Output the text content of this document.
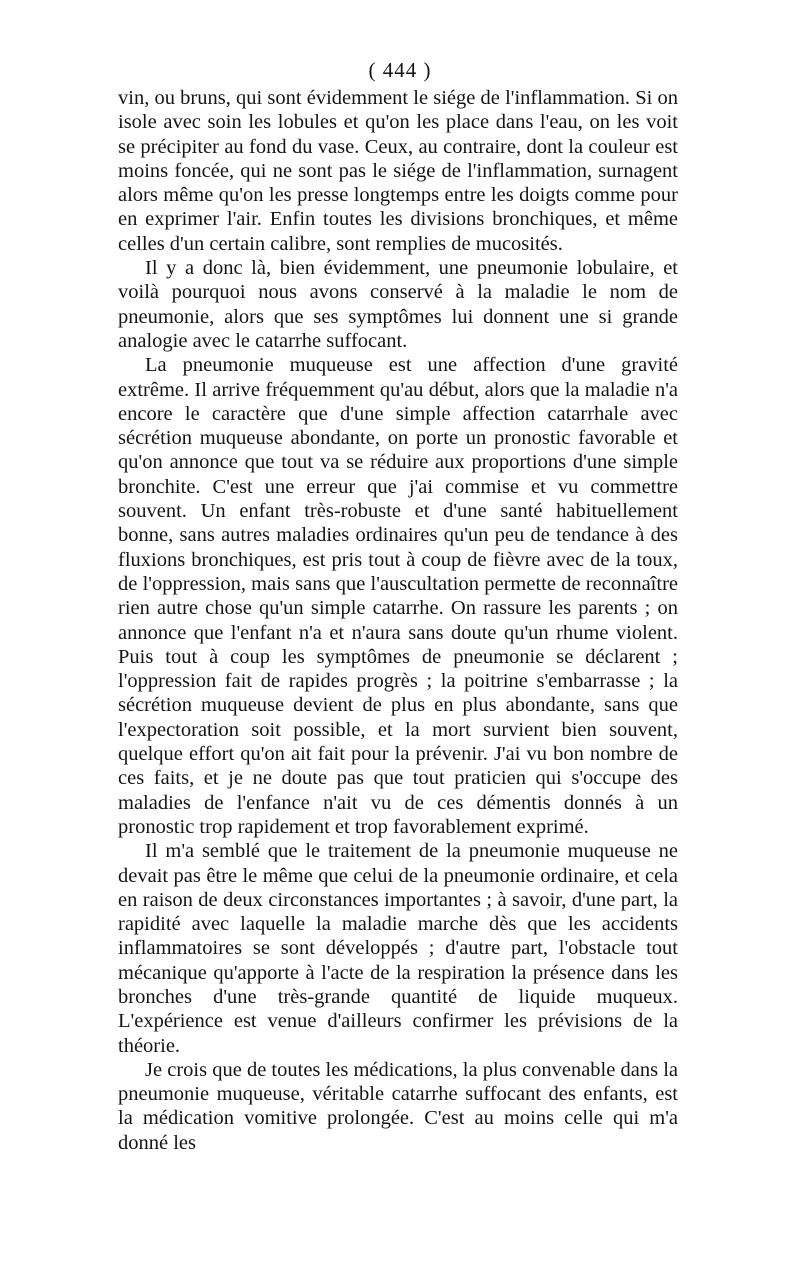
( 444 )

vin, ou bruns, qui sont évidemment le siége de l'inflammation. Si on isole avec soin les lobules et qu'on les place dans l'eau, on les voit se précipiter au fond du vase. Ceux, au contraire, dont la couleur est moins foncée, qui ne sont pas le siége de l'inflammation, surnagent alors même qu'on les presse longtemps entre les doigts comme pour en exprimer l'air. Enfin toutes les divisions bronchiques, et même celles d'un certain calibre, sont remplies de mucosités.

Il y a donc là, bien évidemment, une pneumonie lobulaire, et voilà pourquoi nous avons conservé à la maladie le nom de pneumonie, alors que ses symptômes lui donnent une si grande analogie avec le catarrhe suffocant.

La pneumonie muqueuse est une affection d'une gravité extrême. Il arrive fréquemment qu'au début, alors que la maladie n'a encore le caractère que d'une simple affection catarrhale avec sécrétion muqueuse abondante, on porte un pronostic favorable et qu'on annonce que tout va se réduire aux proportions d'une simple bronchite. C'est une erreur que j'ai commise et vu commettre souvent. Un enfant très-robuste et d'une santé habituellement bonne, sans autres maladies ordinaires qu'un peu de tendance à des fluxions bronchiques, est pris tout à coup de fièvre avec de la toux, de l'oppression, mais sans que l'auscultation permette de reconnaître rien autre chose qu'un simple catarrhe. On rassure les parents ; on annonce que l'enfant n'a et n'aura sans doute qu'un rhume violent. Puis tout à coup les symptômes de pneumonie se déclarent ; l'oppression fait de rapides progrès ; la poitrine s'embarrasse ; la sécrétion muqueuse devient de plus en plus abondante, sans que l'expectoration soit possible, et la mort survient bien souvent, quelque effort qu'on ait fait pour la prévenir. J'ai vu bon nombre de ces faits, et je ne doute pas que tout praticien qui s'occupe des maladies de l'enfance n'ait vu de ces démentis donnés à un pronostic trop rapidement et trop favorablement exprimé.

Il m'a semblé que le traitement de la pneumonie muqueuse ne devait pas être le même que celui de la pneumonie ordinaire, et cela en raison de deux circonstances importantes ; à savoir, d'une part, la rapidité avec laquelle la maladie marche dès que les accidents inflammatoires se sont développés ; d'autre part, l'obstacle tout mécanique qu'apporte à l'acte de la respiration la présence dans les bronches d'une très-grande quantité de liquide muqueux. L'expérience est venue d'ailleurs confirmer les prévisions de la théorie.

Je crois que de toutes les médications, la plus convenable dans la pneumonie muqueuse, véritable catarrhe suffocant des enfants, est la médication vomitive prolongée. C'est au moins celle qui m'a donné les
